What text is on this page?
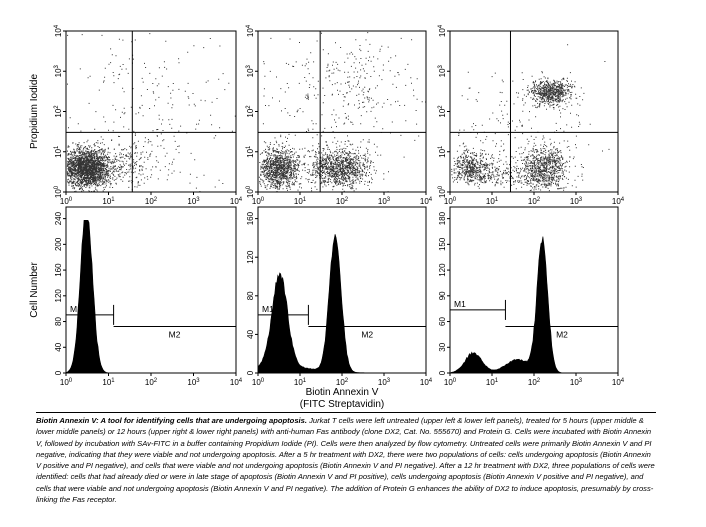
$10^0$
$10^0$
$10^1$
$10^1$
$10^2$
$10^2$
$10^3$
$10^3$
$10^4$
$10^4$
$10^0$
$10^0$
$10^1$
$10^1$
$10^2$
$10^2$
$10^3$
$10^3$
$10^4$
$10^4$
$10^0$
$10^0$
$10^1$
$10^1$
$10^2$
$10^2$
$10^3$
$10^3$
$10^4$
$10^4$
0
40
80
120
160
200
240
M1
M2
$10^0$	$10^1$	$10^2$	$10^3$	$10^4$
0
40
80
120
160
M1
M2
$10^0$	$10^1$	$10^2$	$10^3$	$10^4$
0
30
60
90
120
150
180
M1
M2
$10^0$	$10^1$	$10^2$	$10^3$	$10^4$
Propidium Iodide
Cell Number
Biotin Annexin V
(FITC Streptavidin)
Biotin Annexin V: A tool for identifying cells that are undergoing apoptosis. Jurkat T cells were left untreated (upper left & lower left panels), treated for 5 hours (upper middle & lower middle panels) or 12 hours (upper right & lower right panels) with anti-human Fas antibody (clone DX2, Cat. No. 555670) and Protein G. Cells were incubated with Biotin Annexin V, followed by incubation with SAv-FITC in a buffer containing Propidium Iodide (PI). Cells were then analyzed by flow cytometry. Untreated cells were primarily Biotin Annexin V and PI negative, indicating that they were viable and not undergoing apoptosis. After a 5 hr treatment with DX2, there were two populations of cells: cells undergoing apoptosis (Biotin Annexin V positive and PI negative), and cells that were viable and not undergoing apoptosis (Biotin Annexin V and PI negative). After a 12 hr treatment with DX2, three populations of cells were identified: cells that had already died or were in late stage of apoptosis (Biotin Annexin V and PI positive), cells undergoing apoptosis (Biotin Annexin V positive and PI negative), and cells that were viable and not undergoing apoptosis (Biotin Annexin V and PI negative). The addition of Protein G enhances the ability of DX2 to induce apoptosis, presumably by cross-linking the Fas receptor.
